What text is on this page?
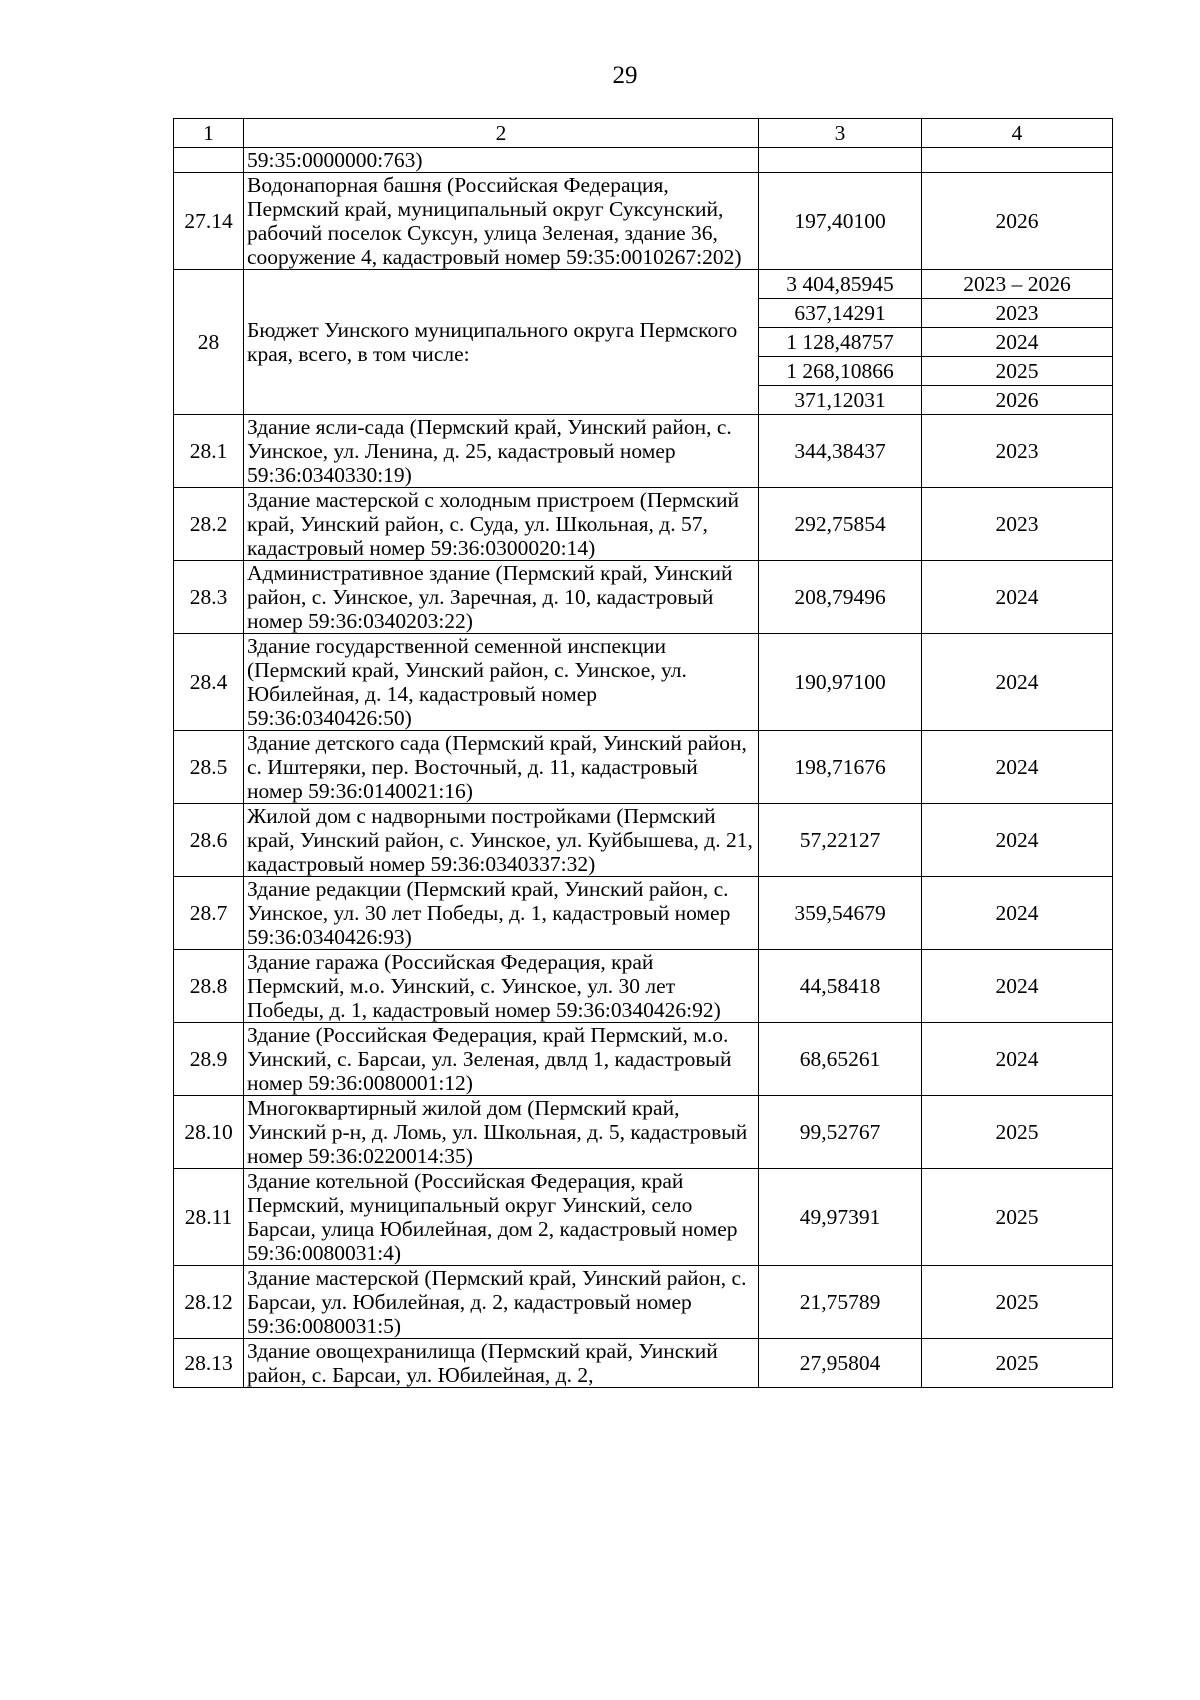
29
1	2	3	4
	59:35:0000000:763)		
27.14	Водонапорная башня (Российская Федерация, Пермский край, муниципальный округ Суксунский, рабочий поселок Суксун, улица Зеленая, здание 36, сооружение 4, кадастровый номер 59:35:0010267:202)	197,40100	2026
28	Бюджет Уинского муниципального округа Пермского края, всего, в том числе:	3 404,85945	2023 – 2026
		637,14291	2023
		1 128,48757	2024
		1 268,10866	2025
		371,12031	2026
28.1	Здание ясли-сада (Пермский край, Уинский район, с. Уинское, ул. Ленина, д. 25, кадастровый номер 59:36:0340330:19)	344,38437	2023
28.2	Здание мастерской с холодным пристроем (Пермский край, Уинский район, с. Суда, ул. Школьная, д. 57, кадастровый номер 59:36:0300020:14)	292,75854	2023
28.3	Административное здание (Пермский край, Уинский район, с. Уинское, ул. Заречная, д. 10, кадастровый номер 59:36:0340203:22)	208,79496	2024
28.4	Здание государственной семенной инспекции (Пермский край, Уинский район, с. Уинское, ул. Юбилейная, д. 14, кадастровый номер 59:36:0340426:50)	190,97100	2024
28.5	Здание детского сада (Пермский край, Уинский район, с. Иштеряки, пер. Восточный, д. 11, кадастровый номер 59:36:0140021:16)	198,71676	2024
28.6	Жилой дом с надворными постройками (Пермский край, Уинский район, с. Уинское, ул. Куйбышева, д. 21, кадастровый номер 59:36:0340337:32)	57,22127	2024
28.7	Здание редакции (Пермский край, Уинский район, с. Уинское, ул. 30 лет Победы, д. 1, кадастровый номер 59:36:0340426:93)	359,54679	2024
28.8	Здание гаража (Российская Федерация, край Пермский, м.о. Уинский, с. Уинское, ул. 30 лет Победы, д. 1, кадастровый номер 59:36:0340426:92)	44,58418	2024
28.9	Здание (Российская Федерация, край Пермский, м.о. Уинский, с. Барсаи, ул. Зеленая, двлд 1, кадастровый номер 59:36:0080001:12)	68,65261	2024
28.10	Многоквартирный жилой дом (Пермский край, Уинский р-н, д. Ломь, ул. Школьная, д. 5, кадастровый номер 59:36:0220014:35)	99,52767	2025
28.11	Здание котельной (Российская Федерация, край Пермский, муниципальный округ Уинский, село Барсаи, улица Юбилейная, дом 2, кадастровый номер 59:36:0080031:4)	49,97391	2025
28.12	Здание мастерской (Пермский край, Уинский район, с. Барсаи, ул. Юбилейная, д. 2, кадастровый номер 59:36:0080031:5)	21,75789	2025
28.13	Здание овощехранилища (Пермский край, Уинский район, с. Барсаи, ул. Юбилейная, д. 2,	27,95804	2025
